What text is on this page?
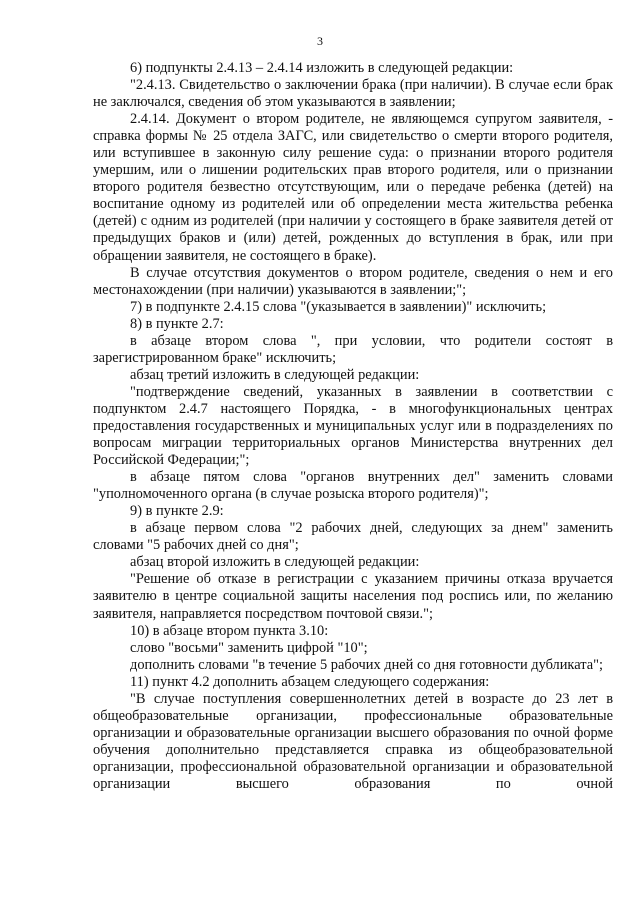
3

6) подпункты 2.4.13 – 2.4.14 изложить в следующей редакции:

"2.4.13. Свидетельство о заключении брака (при наличии). В случае если брак не заключался, сведения об этом указываются в заявлении;

2.4.14. Документ о втором родителе, не являющемся супругом заявителя, - справка формы № 25 отдела ЗАГС, или свидетельство о смерти второго родителя, или вступившее в законную силу решение суда: о признании второго родителя умершим, или о лишении родительских прав второго родителя, или о признании второго родителя безвестно отсутствующим, или о передаче ребенка (детей) на воспитание одному из родителей или об определении места жительства ребенка (детей) с одним из родителей (при наличии у состоящего в браке заявителя детей от предыдущих браков и (или) детей, рожденных до вступления в брак, или при обращении заявителя, не состоящего в браке).

В случае отсутствия документов о втором родителе, сведения о нем и его местонахождении (при наличии) указываются в заявлении;";

7) в подпункте 2.4.15 слова "(указывается в заявлении)" исключить;

8) в пункте 2.7:

в абзаце втором слова ", при условии, что родители состоят в зарегистрированном браке" исключить;

абзац третий изложить в следующей редакции:

"подтверждение сведений, указанных в заявлении в соответствии с подпунктом 2.4.7 настоящего Порядка, - в многофункциональных центрах предоставления государственных и муниципальных услуг или в подразделениях по вопросам миграции территориальных органов Министерства внутренних дел Российской Федерации;";

в абзаце пятом слова "органов внутренних дел" заменить словами "уполномоченного органа (в случае розыска второго родителя)";

9) в пункте 2.9:

в абзаце первом слова "2 рабочих дней, следующих за днем" заменить словами "5 рабочих дней со дня";

абзац второй изложить в следующей редакции:

"Решение об отказе в регистрации с указанием причины отказа вручается заявителю в центре социальной защиты населения под роспись или, по желанию заявителя, направляется посредством почтовой связи.";

10) в абзаце втором пункта 3.10:

слово "восьми" заменить цифрой "10";

дополнить словами "в течение 5 рабочих дней со дня готовности дубликата";

11) пункт 4.2 дополнить абзацем следующего содержания:

"В случае поступления совершеннолетних детей в возрасте до 23 лет в общеобразовательные организации, профессиональные образовательные организации и образовательные организации высшего образования по очной форме обучения дополнительно представляется справка из общеобразовательной организации, профессиональной образовательной организации и образовательной организации высшего образования по очной
